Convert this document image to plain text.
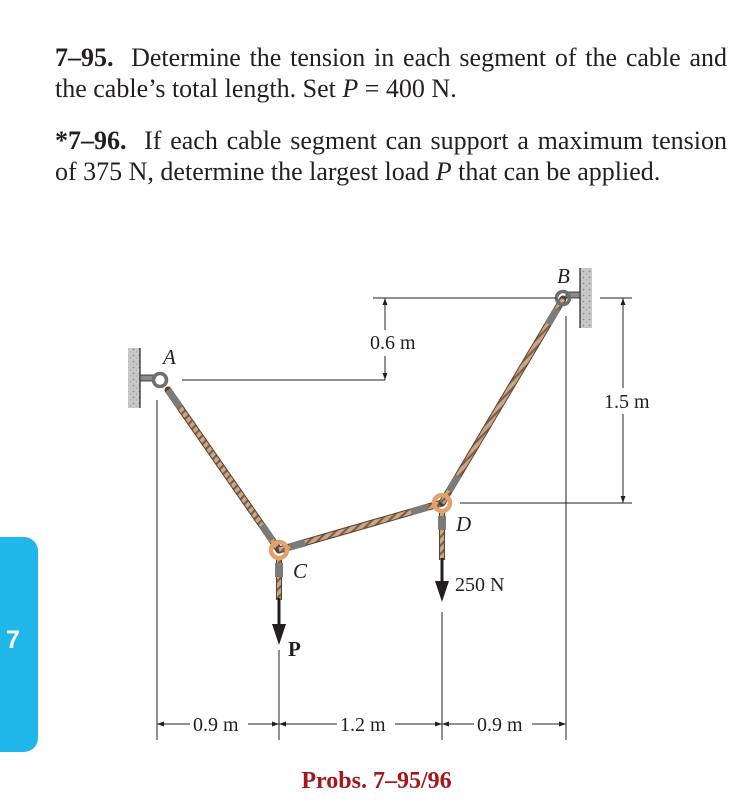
7–95. Determine the tension in each segment of the cable and the cable’s total length. Set P = 400 N.

*7–96. If each cable segment can support a maximum tension of 375 N, determine the largest load P that can be applied.

7
A
B
C
D
P
250 N
0.6 m
1.5 m
0.9 m	1.2 m	0.9 m
Probs. 7–95/96
